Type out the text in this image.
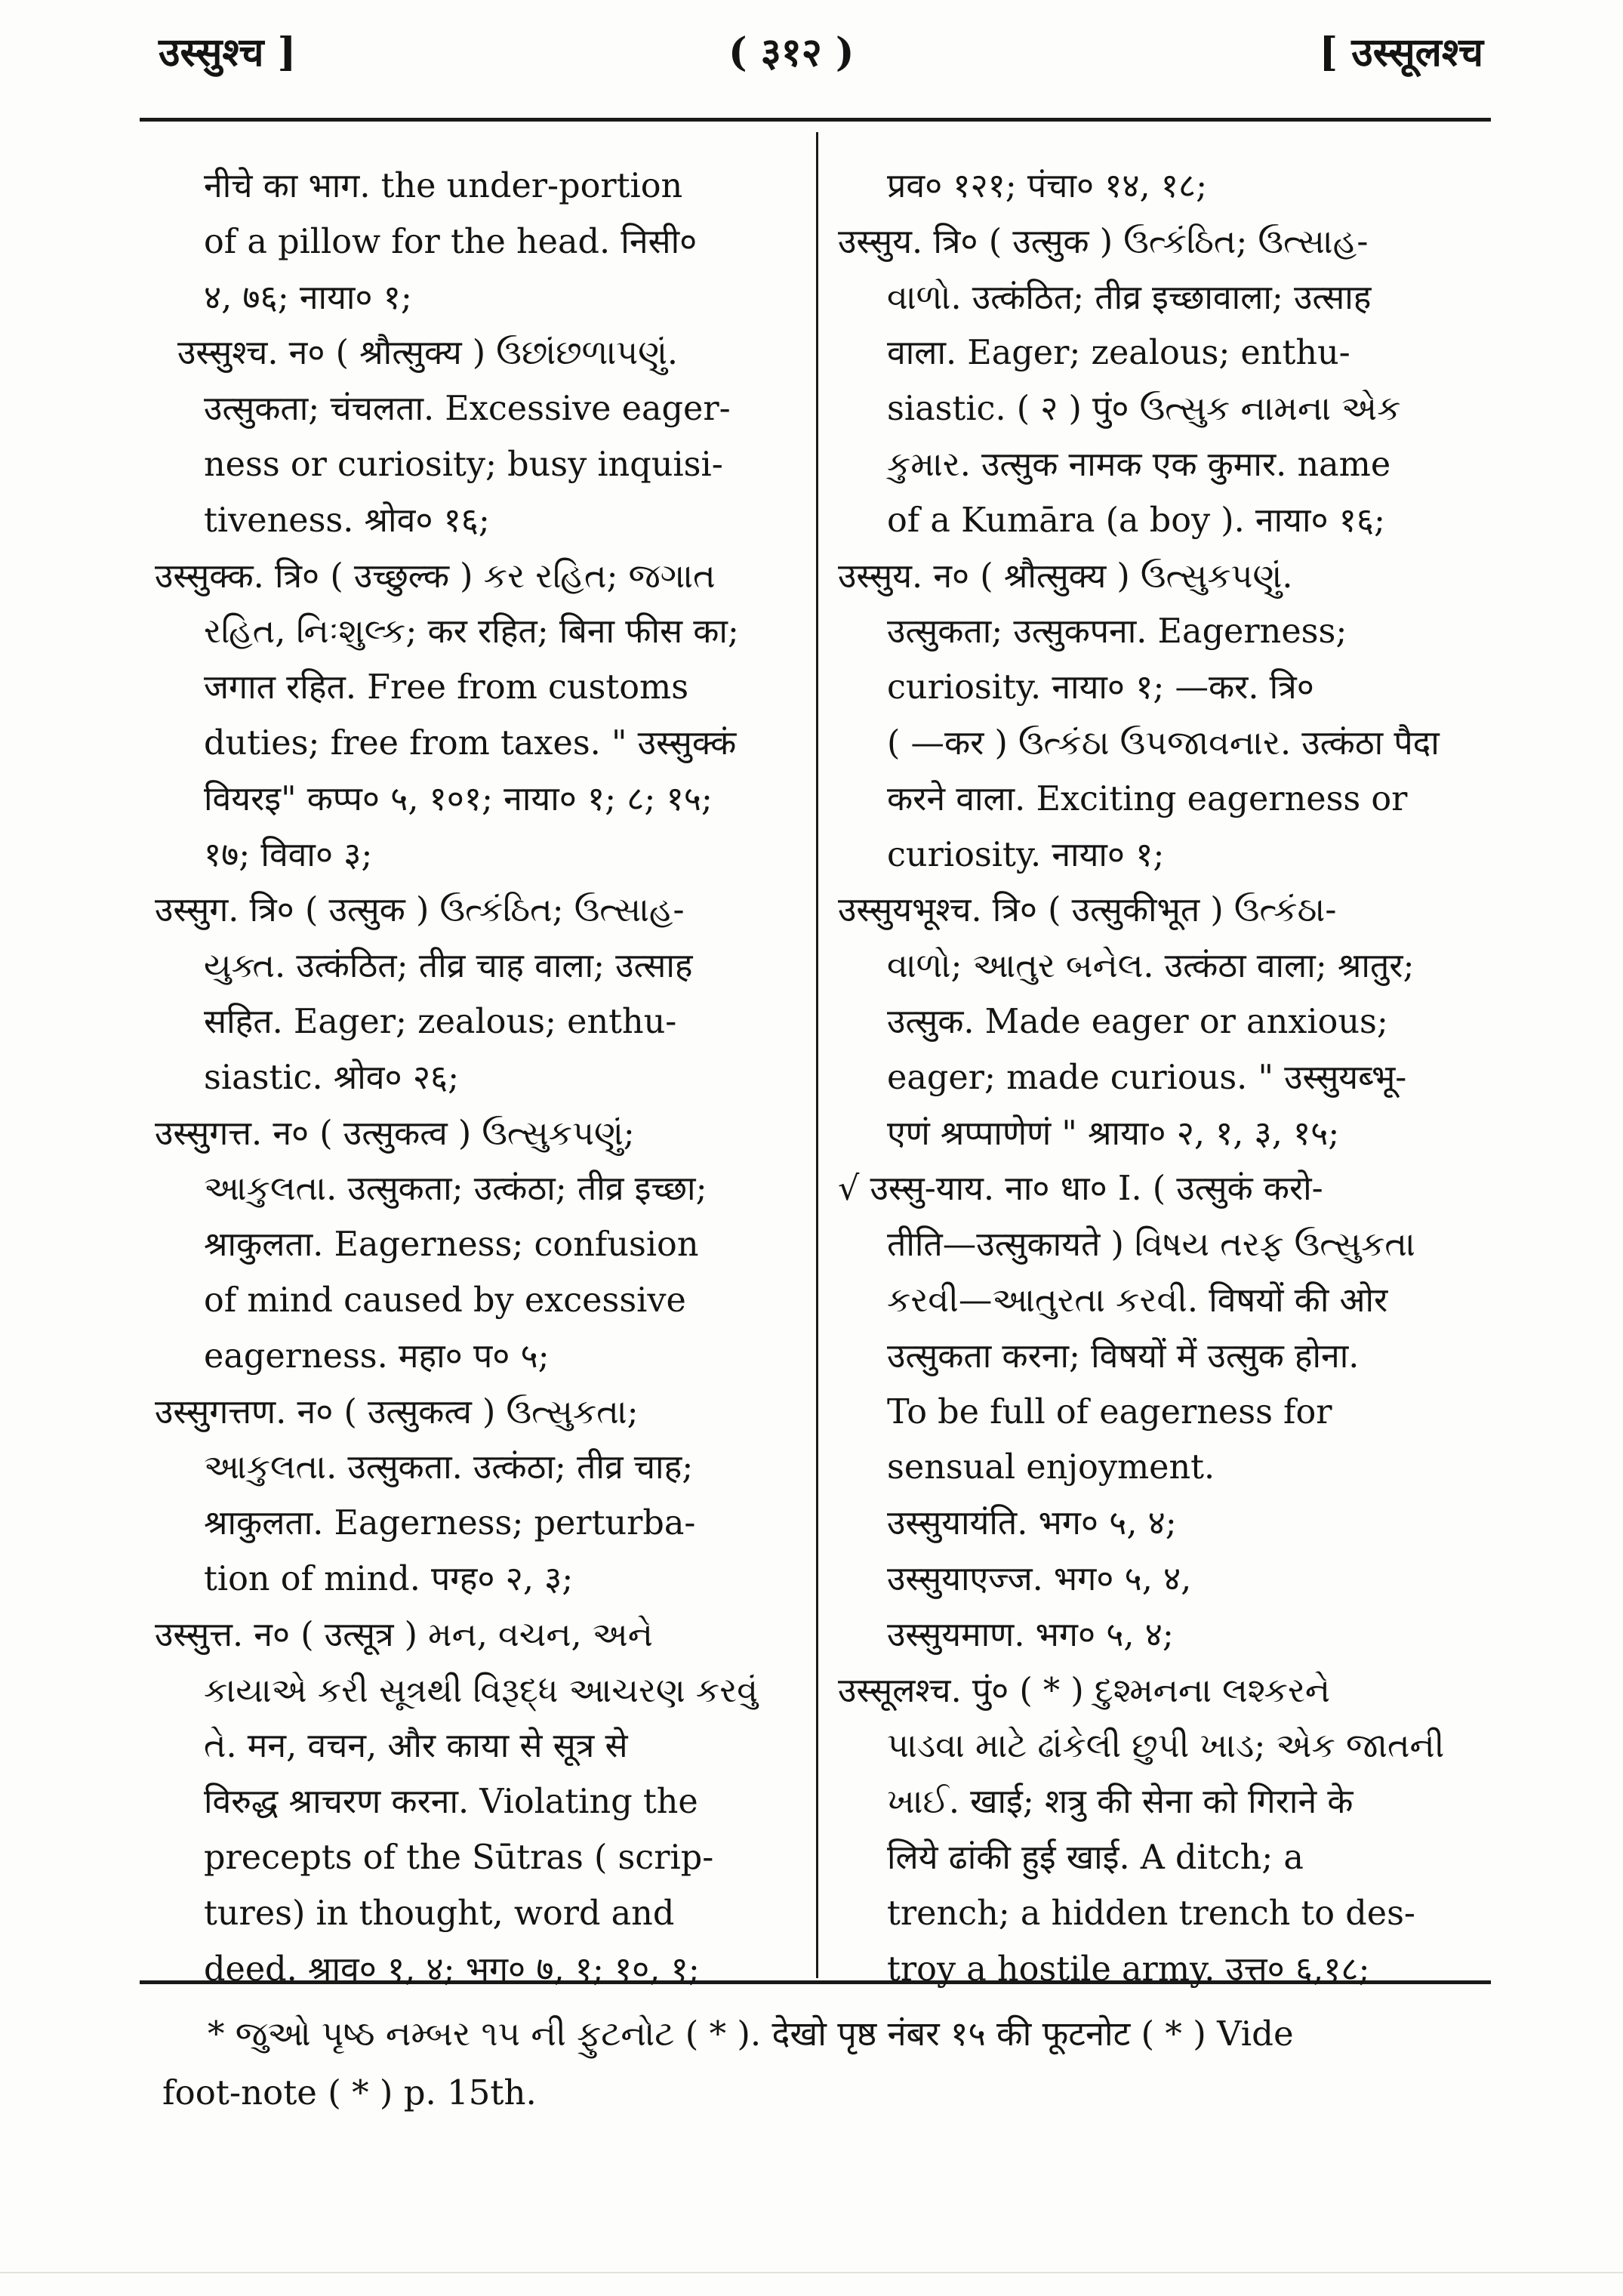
उस्सुश्च ]	( ३१२ )	[ उस्सूलश्च
नीचे का भाग. the under-portion
of a pillow for the head. निसी०
४, ७६; नाया० १;
उस्सुश्च. न० ( श्रौत्सुक्य ) ઉછાંછળાપણું.
उत्सुकता; चंचलता. Excessive eager-
ness or curiosity; busy inquisi-
tiveness. श्रोव० १६;
उस्सुक्क. त्रि० ( उच्छुल्क ) કર રહિત; જગાત
રહિત, નિઃશુલ્ક; कर रहित; बिना फीस का;
जगात रहित. Free from customs
duties; free from taxes. " उस्सुक्कं
वियरइ" कप्प० ५, १०१; नाया० १; ८; १५;
१७; विवा० ३;
उस्सुग. त्रि० ( उत्सुक ) ઉત્કંઠિત; ઉત્સાહ-
યુક્ત. उत्कंठित; तीव्र चाह वाला; उत्साह
सहित. Eager; zealous; enthu-
siastic. श्रोव० २६;
उस्सुगत्त. न० ( उत्सुकत्व ) ઉત્સુકપણું;
આકુલતા. उत्सुकता; उत्कंठा; तीव्र इच्छा;
श्राकुलता. Eagerness; confusion
of mind caused by excessive
eagerness. महा० प० ५;
उस्सुगत्तण. न० ( उत्सुकत्व ) ઉત્સુકતા;
આકુલતા. उत्सुकता. उत्कंठा; तीव्र चाह;
श्राकुलता. Eagerness; perturba-
tion of mind. पग्ह० २, ३;
उस्सुत्त. न० ( उत्सूत्र ) મન, વચન, અને
કાયાએ કરી સૂત્રથી વિરૂદ્ધ આચરણ કરવું
તે. मन, वचन, और काया से सूत्र से
विरुद्ध श्राचरण करना. Violating the
precepts of the Sūtras ( scrip-
tures) in thought, word and
deed. श्राव० १, ४; भग० ७, १; १०, १;
प्रव० १२१; पंचा० १४, १८;
उस्सुय. त्रि० ( उत्सुक ) ઉત્કંઠિત; ઉત્સાહ-
વાળો. उत्कंठित; तीव्र इच्छावाला; उत्साह
वाला. Eager; zealous; enthu-
siastic. ( २ ) पुं० ઉત્સુક નામના એક
કુમાર. उत्सुक नामक एक कुमार. name
of a Kumāra (a boy ). नाया० १६;
उस्सुय. न० ( श्रौत्सुक्य ) ઉત્સુકપણું.
उत्सुकता; उत्सुकपना. Eagerness;
curiosity. नाया० १; —कर. त्रि०
( —कर ) ઉત્કંઠા ઉપજાવનાર. उत्कंठा पैदा
करने वाला. Exciting eagerness or
curiosity. नाया० १;
उस्सुयभूश्च. त्रि० ( उत्सुकीभूत ) ઉત્કંઠા-
વાળો; આતુર બનેલ. उत्कंठा वाला; श्रातुर;
उत्सुक. Made eager or anxious;
eager; made curious. " उस्सुयब्भू-
एणं श्रप्पाणेणं " श्राया० २, १, ३, १५;
√ उस्सु-याय. ना० धा० I. ( उत्सुकं करो-
तीति—उत्सुकायते ) વિષય તરફ ઉત્સુકતા
કરવી—આતુરતા કરવી. विषयों की ओर
उत्सुकता करना; विषयों में उत्सुक होना.
To be full of eagerness for
sensual enjoyment.
उस्सुयायंति. भग० ५, ४;
उस्सुयाएज्ज. भग० ५, ४,
उस्सुयमाण. भग० ५, ४;
उस्सूलश्च. पुं० ( * ) દુશ્મનના લશ્કરને
પાડવા માટે ઢાંકેલી છુપી ખાડ; એક જાતની
ખાઈ. खाई; शत्रु की सेना को गिराने के
लिये ढांकी हुई खाई. A ditch; a
trench; a hidden trench to des-
troy a hostile army. उत्त० ६,१८;
* જુઓ પૃષ્ઠ નમ્બર ૧૫ ની ફુટનોટ ( * ). देखो पृष्ठ नंबर १५ की फूटनोट ( * ) Vide
foot-note ( * ) p. 15th.
